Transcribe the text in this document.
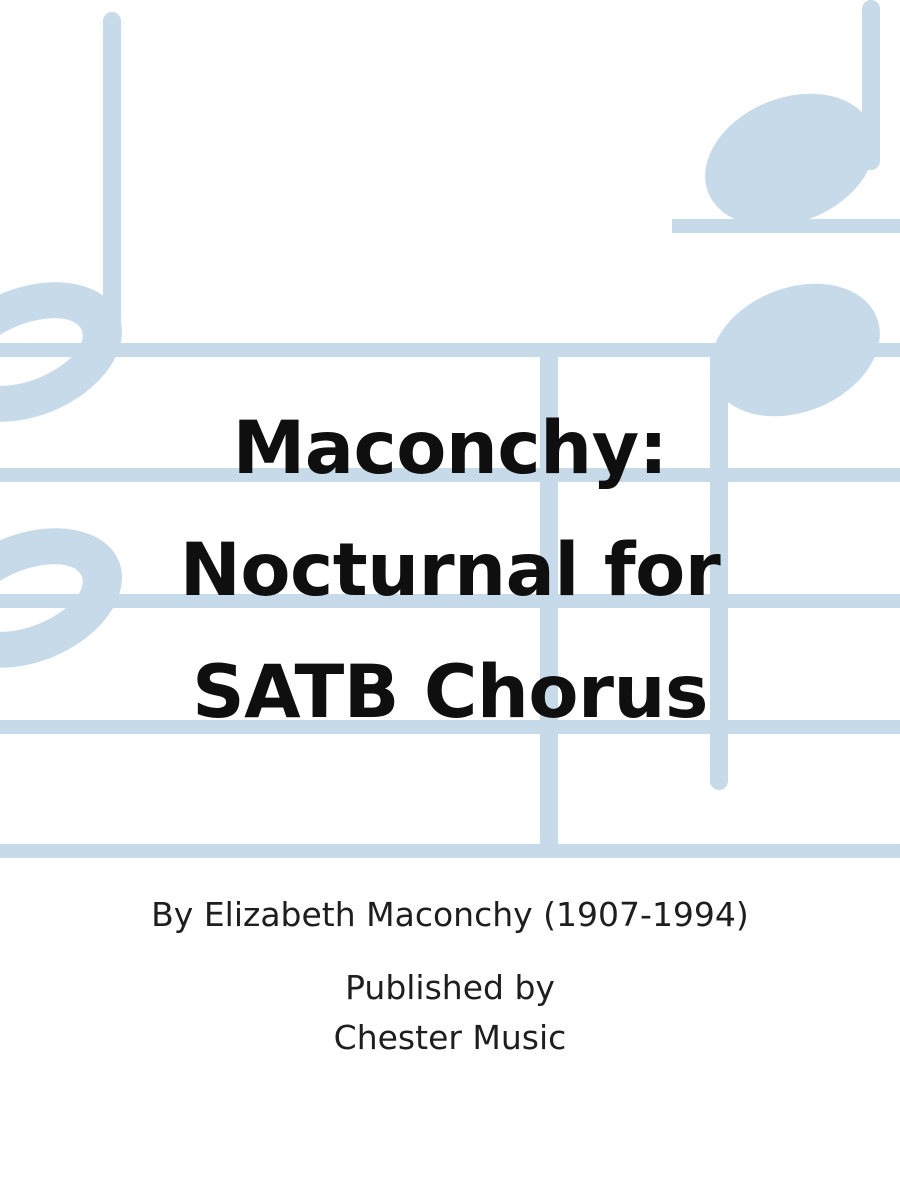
Maconchy:
Nocturnal for
SATB Chorus
By Elizabeth Maconchy (1907-1994)
Published by
Chester Music
